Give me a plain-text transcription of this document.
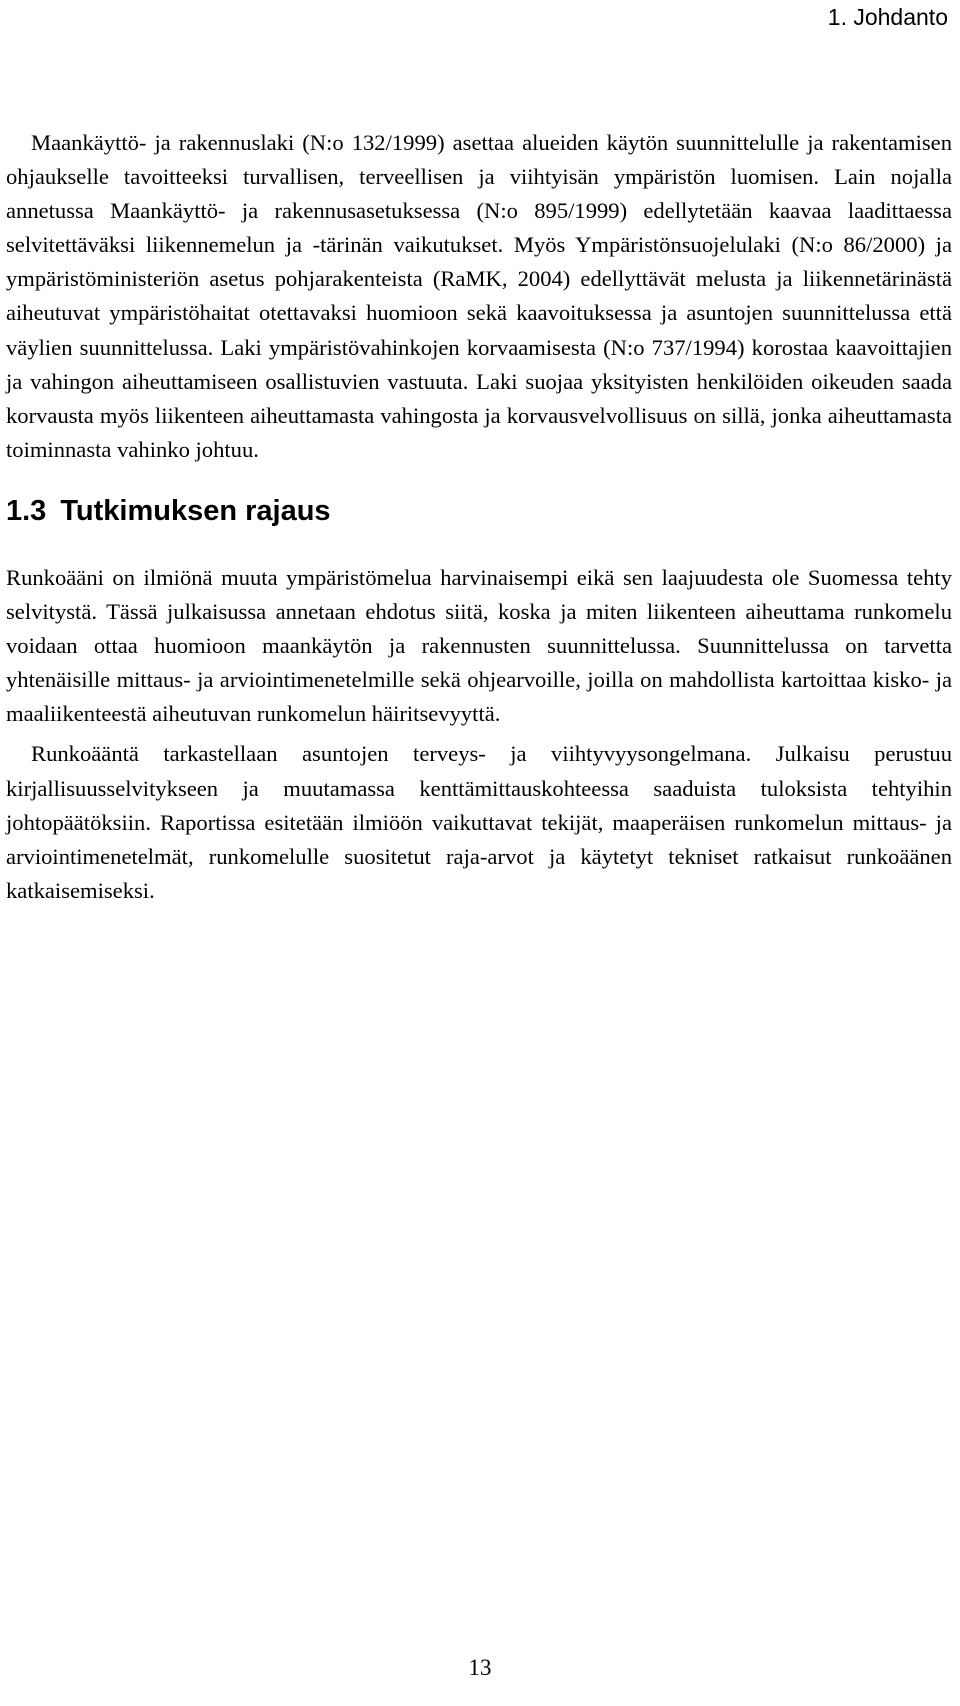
1. Johdanto

Maankäyttö- ja rakennuslaki (N:o 132/1999) asettaa alueiden käytön suunnittelulle ja rakentamisen ohjaukselle tavoitteeksi turvallisen, terveellisen ja viihtyisän ympäristön luomisen. Lain nojalla annetussa Maankäyttö- ja rakennusasetuksessa (N:o 895/1999) edellytetään kaavaa laadittaessa selvitettäväksi liikennemelun ja -tärinän vaikutukset. Myös Ympäristönsuojelulaki (N:o 86/2000) ja ympäristöministeriön asetus pohjarakenteista (RaMK, 2004) edellyttävät melusta ja liikennetärinästä aiheutuvat ympäristöhaitat otettavaksi huomioon sekä kaavoituksessa ja asuntojen suunnittelussa että väylien suunnittelussa. Laki ympäristövahinkojen korvaamisesta (N:o 737/1994) korostaa kaavoittajien ja vahingon aiheuttamiseen osallistuvien vastuuta. Laki suojaa yksityisten henkilöiden oikeuden saada korvausta myös liikenteen aiheuttamasta vahingosta ja korvausvelvollisuus on sillä, jonka aiheuttamasta toiminnasta vahinko johtuu.

1.3 Tutkimuksen rajaus

Runkoääni on ilmiönä muuta ympäristömelua harvinaisempi eikä sen laajuudesta ole Suomessa tehty selvitystä. Tässä julkaisussa annetaan ehdotus siitä, koska ja miten liikenteen aiheuttama runkomelu voidaan ottaa huomioon maankäytön ja rakennusten suunnittelussa. Suunnittelussa on tarvetta yhtenäisille mittaus- ja arviointimenetelmille sekä ohjearvoille, joilla on mahdollista kartoittaa kisko- ja maaliikenteestä aiheutuvan runkomelun häiritsevyyttä.

Runkoääntä tarkastellaan asuntojen terveys- ja viihtyvyysongelmana. Julkaisu perustuu kirjallisuusselvitykseen ja muutamassa kenttämittauskohteessa saaduista tuloksista tehtyihin johtopäätöksiin. Raportissa esitetään ilmiöön vaikuttavat tekijät, maaperäisen runkomelun mittaus- ja arviointimenetelmät, runkomelulle suositetut raja-arvot ja käytetyt tekniset ratkaisut runkoäänen katkaisemiseksi.

13
